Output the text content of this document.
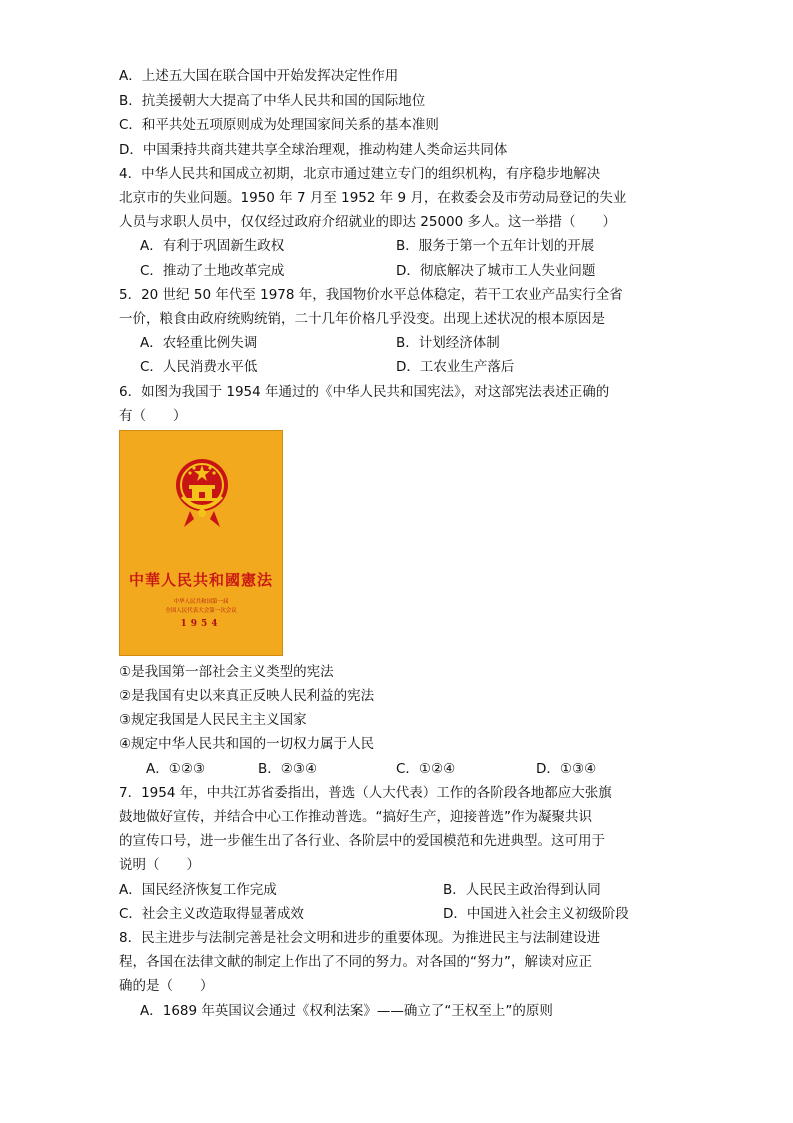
A．上述五大国在联合国中开始发挥决定性作用
B．抗美援朝大大提高了中华人民共和国的国际地位
C．和平共处五项原则成为处理国家间关系的基本准则
D．中国秉持共商共建共享全球治理观，推动构建人类命运共同体
4．中华人民共和国成立初期，北京市通过建立专门的组织机构，有序稳步地解决
北京市的失业问题。1950 年 7 月至 1952 年 9 月，在救委会及市劳动局登记的失业
人员与求职人员中，仅仅经过政府介绍就业的即达 25000 多人。这一举措（　　）
A．有利于巩固新生政权	B．服务于第一个五年计划的开展
C．推动了土地改革完成	D．彻底解决了城市工人失业问题
5．20 世纪 50 年代至 1978 年，我国物价水平总体稳定，若干工农业产品实行全省
一价，粮食由政府统购统销，二十几年价格几乎没变。出现上述状况的根本原因是
A．农轻重比例失调	B．计划经济体制
C．人民消费水平低	D．工农业生产落后
6．如图为我国于 1954 年通过的《中华人民共和国宪法》，对这部宪法表述正确的
有（　　）
中華人民共和國憲法
中华人民共和国第一届
全国人民代表大会第一次会议
1954
①是我国第一部社会主义类型的宪法
②是我国有史以来真正反映人民利益的宪法
③规定我国是人民民主主义国家
④规定中华人民共和国的一切权力属于人民
A．①②③	B．②③④	C．①②④	D．①③④
7．1954 年，中共江苏省委指出，普选（人大代表）工作的各阶段各地都应大张旗
鼓地做好宣传，并结合中心工作推动普选。“搞好生产，迎接普选”作为凝聚共识
的宣传口号，进一步催生出了各行业、各阶层中的爱国模范和先进典型。这可用于
说明（　　）
A．国民经济恢复工作完成	B．人民民主政治得到认同
C．社会主义改造取得显著成效	D．中国进入社会主义初级阶段
8．民主进步与法制完善是社会文明和进步的重要体现。为推进民主与法制建设进
程，各国在法律文献的制定上作出了不同的努力。对各国的“努力”，解读对应正
确的是（　　）
A．1689 年英国议会通过《权利法案》——确立了“王权至上”的原则
